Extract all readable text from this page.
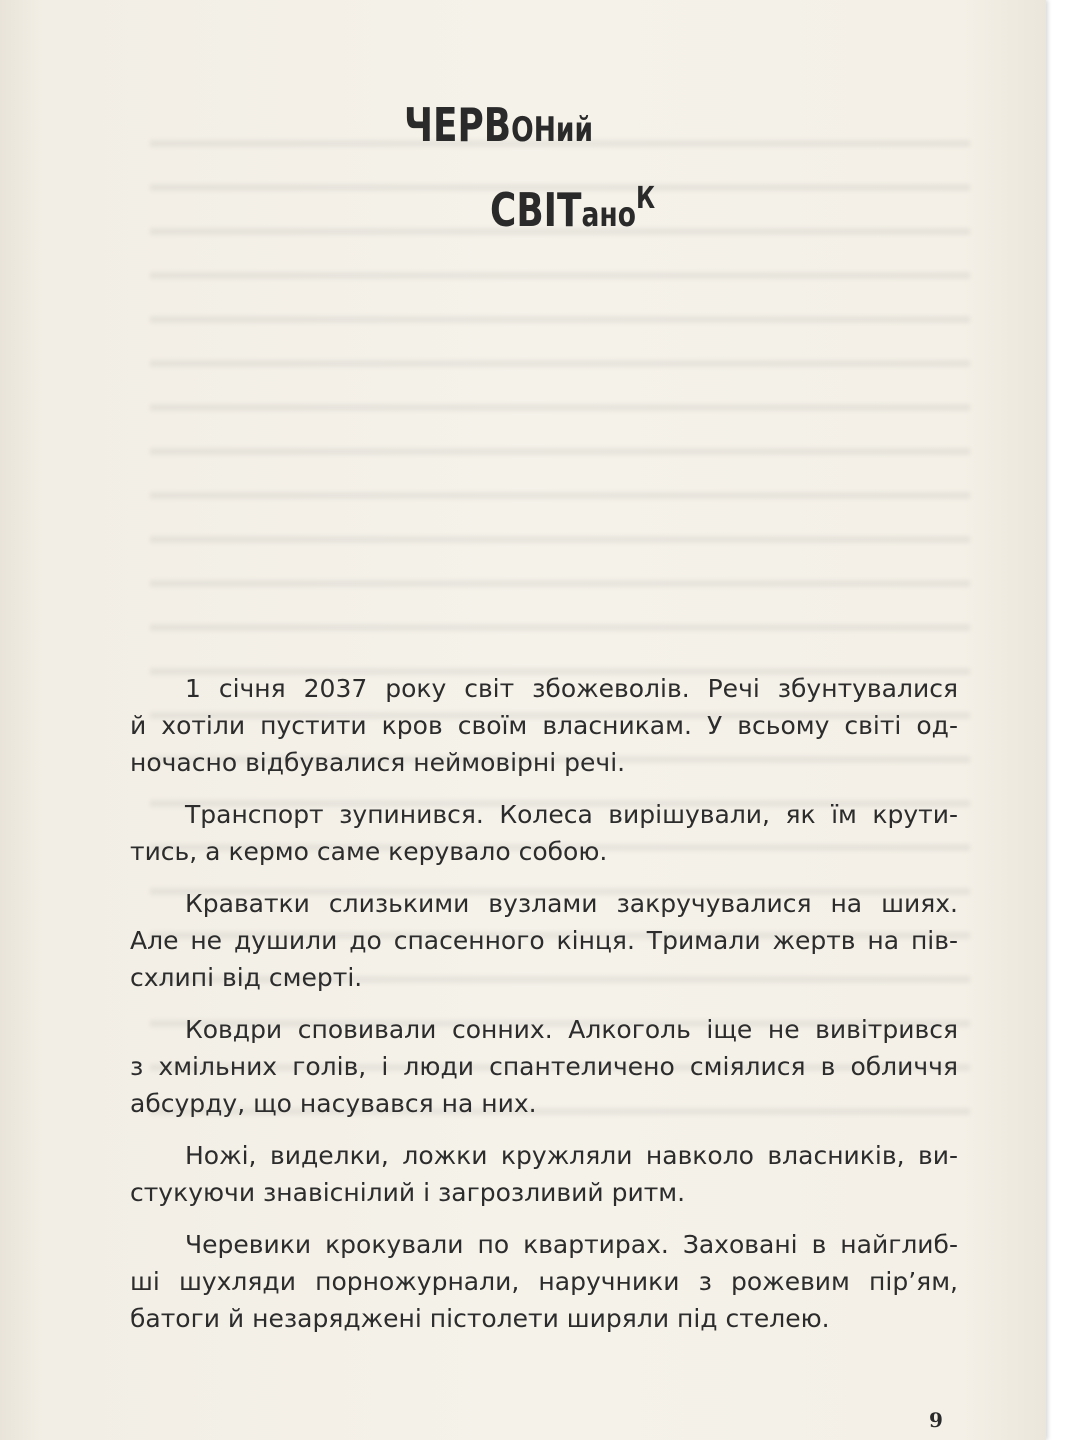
ЧЕРВОНий
СВІТано$^К$

1 січня 2037 року світ збожеволів. Речі збунтувалися
й хотіли пустити кров своїм власникам. У всьому світі од-
ночасно відбувалися неймовірні речі.

Транспорт зупинився. Колеса вирішували, як їм крути-
тись, а кермо саме керувало собою.

Краватки слизькими вузлами закручувалися на шиях.
Але не душили до спасенного кінця. Тримали жертв на пів-
схлипі від смерті.

Ковдри сповивали сонних. Алкоголь іще не вивітрився
з хмільних голів, і люди спантеличено сміялися в обличчя
абсурду, що насувався на них.

Ножі, виделки, ложки кружляли навколо власників, ви-
стукуючи знавіснілий і загрозливий ритм.

Черевики крокували по квартирах. Заховані в найглиб-
ші шухляди порножурнали, наручники з рожевим пір’ям,
батоги й незаряджені пістолети ширяли під стелею.

9
